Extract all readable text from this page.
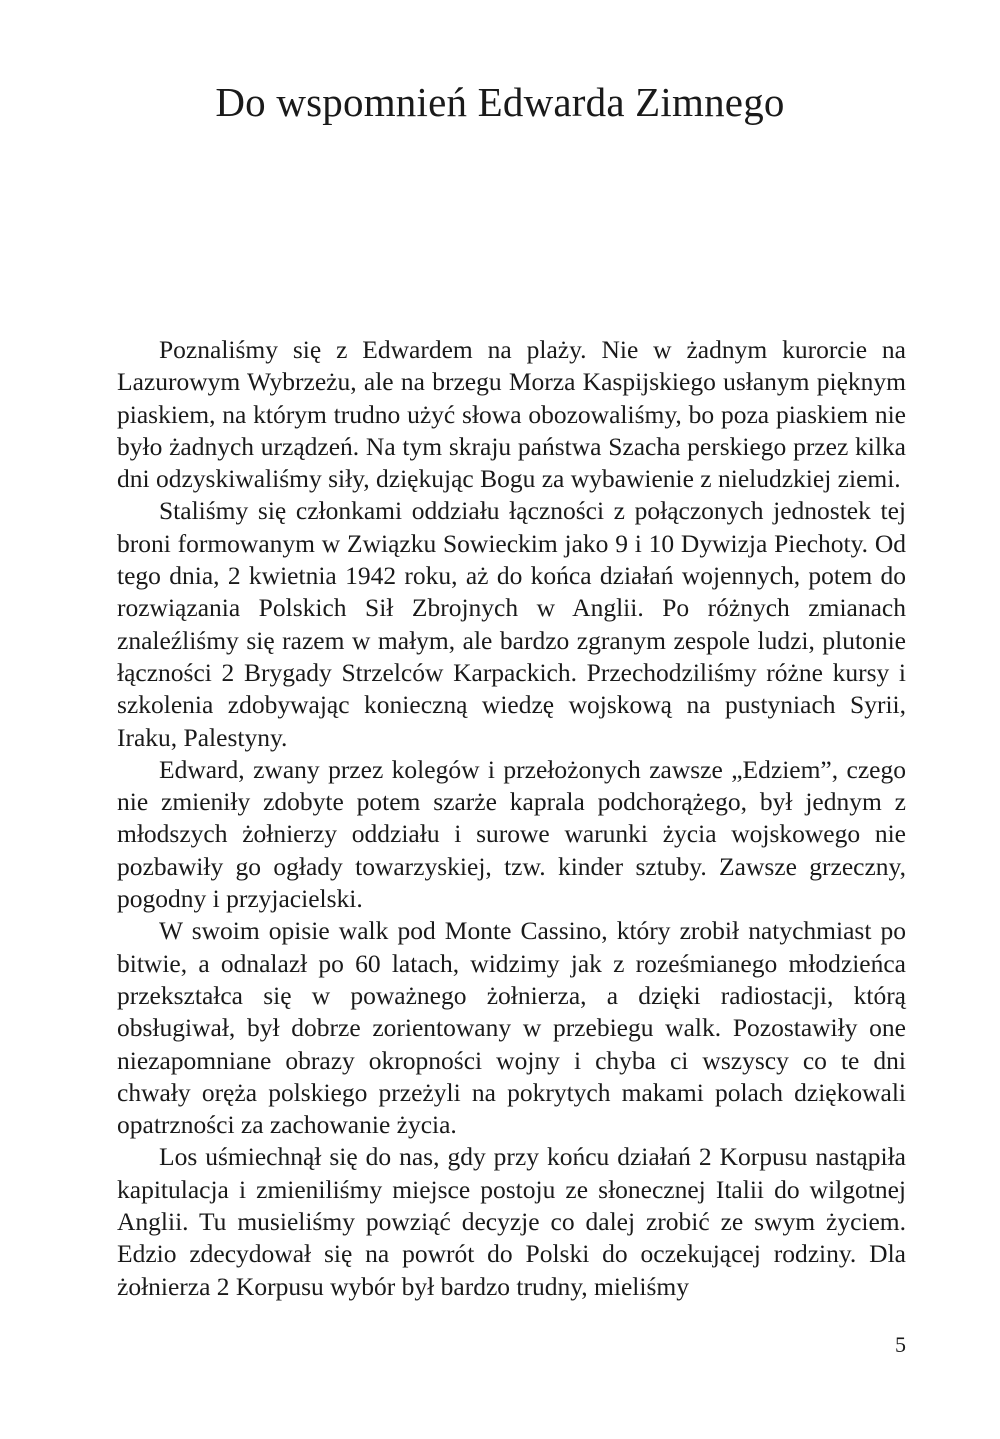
Do wspomnień Edwarda Zimnego

Poznaliśmy się z Edwardem na plaży. Nie w żadnym kurorcie na Lazurowym Wybrzeżu, ale na brzegu Morza Kaspijskiego usłanym pięknym piaskiem, na którym trudno użyć słowa obozowaliśmy, bo poza piaskiem nie było żadnych urządzeń. Na tym skraju państwa Szacha perskiego przez kilka dni odzyskiwaliśmy siły, dziękując Bogu za wybawienie z nieludzkiej ziemi.

Staliśmy się członkami oddziału łączności z połączonych jednostek tej broni formowanym w Związku Sowieckim jako 9 i 10 Dywizja Piechoty. Od tego dnia, 2 kwietnia 1942 roku, aż do końca działań wojennych, potem do rozwiązania Polskich Sił Zbrojnych w Anglii. Po różnych zmianach znaleźliśmy się razem w małym, ale bardzo zgranym zespole ludzi, plutonie łączności 2 Brygady Strzelców Karpackich. Przechodziliśmy różne kursy i szkolenia zdobywając konieczną wiedzę wojskową na pustyniach Syrii, Iraku, Palestyny.

Edward, zwany przez kolegów i przełożonych zawsze „Edziem”, czego nie zmieniły zdobyte potem szarże kaprala podchorążego, był jednym z młodszych żołnierzy oddziału i surowe warunki życia wojskowego nie pozbawiły go ogłady towarzyskiej, tzw. kinder sztuby. Zawsze grzeczny, pogodny i przyjacielski.

W swoim opisie walk pod Monte Cassino, który zrobił natychmiast po bitwie, a odnalazł po 60 latach, widzimy jak z roześmianego młodzieńca przekształca się w poważnego żołnierza, a dzięki radiostacji, którą obsługiwał, był dobrze zorientowany w przebiegu walk. Pozostawiły one niezapomniane obrazy okropności wojny i chyba ci wszyscy co te dni chwały oręża polskiego przeżyli na pokrytych makami polach dziękowali opatrzności za zachowanie życia.

Los uśmiechnął się do nas, gdy przy końcu działań 2 Korpusu nastąpiła kapitulacja i zmieniliśmy miejsce postoju ze słonecznej Italii do wilgotnej Anglii. Tu musieliśmy powziąć decyzje co dalej zrobić ze swym życiem. Edzio zdecydował się na powrót do Polski do oczekującej rodziny. Dla żołnierza 2 Korpusu wybór był bardzo trudny, mieliśmy

5
